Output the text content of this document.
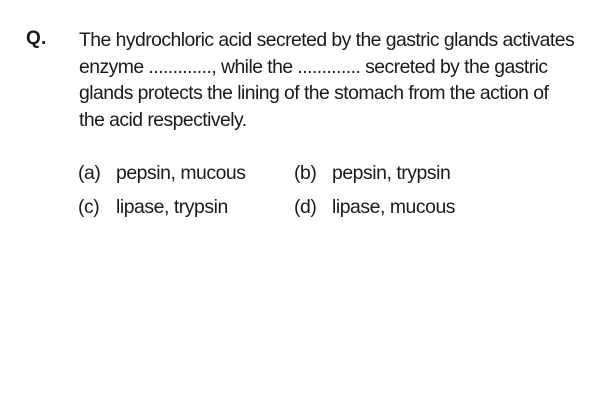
Q. The hydrochloric acid secreted by the gastric glands activates
enzyme ............., while the ............. secreted by the gastric
glands protects the lining of the stomach from the action of
the acid respectively.

(a) pepsin, mucous (b) pepsin, trypsin
(c) lipase, trypsin	(d) lipase, mucous
